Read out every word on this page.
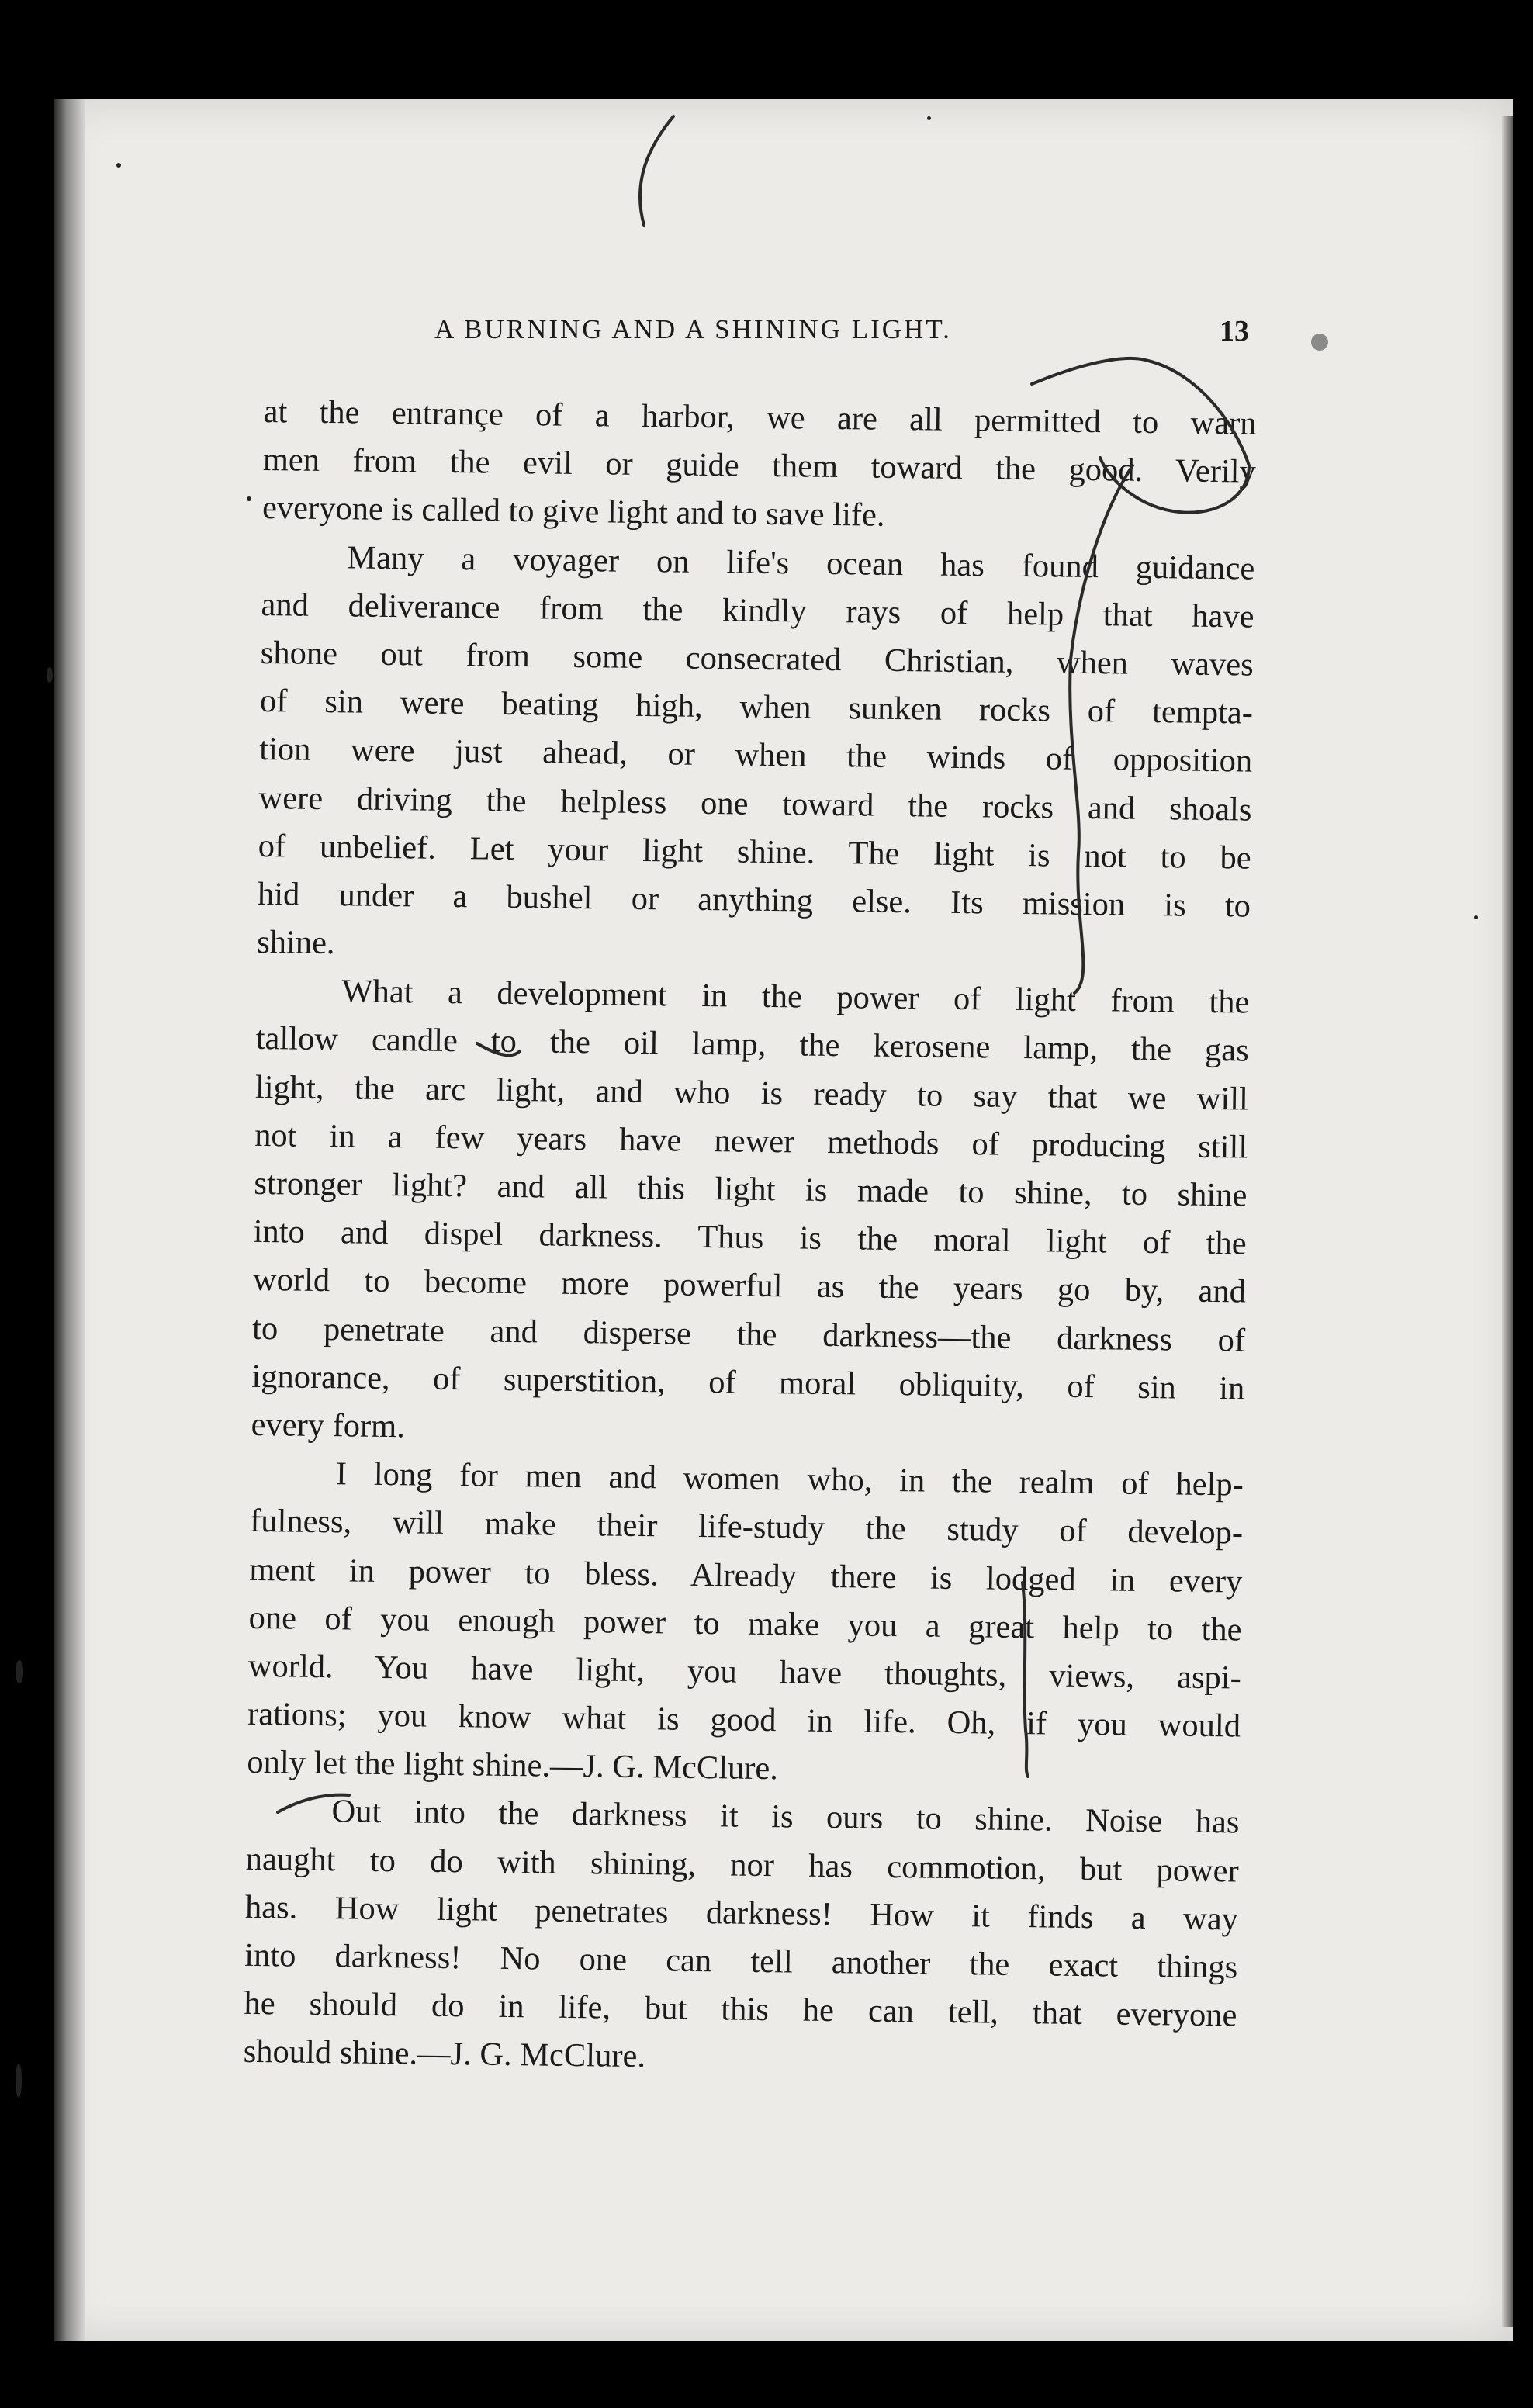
A BURNING AND A SHINING LIGHT.	13
at the entrançe of a harbor, we are all permitted to warn
men from the evil or guide them toward the good. Verily
everyone is called to give light and to save life.
Many a voyager on life's ocean has found guidance
and deliverance from the kindly rays of help that have
shone out from some consecrated Christian, when waves
of sin were beating high, when sunken rocks of tempta-
tion were just ahead, or when the winds of opposition
were driving the helpless one toward the rocks and shoals
of unbelief. Let your light shine. The light is not to be
hid under a bushel or anything else. Its mission is to
shine.
What a development in the power of light from the
tallow candle to the oil lamp, the kerosene lamp, the gas
light, the arc light, and who is ready to say that we will
not in a few years have newer methods of producing still
stronger light? and all this light is made to shine, to shine
into and dispel darkness. Thus is the moral light of the
world to become more powerful as the years go by, and
to penetrate and disperse the darkness—the darkness of
ignorance, of superstition, of moral obliquity, of sin in
every form.
I long for men and women who, in the realm of help-
fulness, will make their life-study the study of develop-
ment in power to bless. Already there is lodged in every
one of you enough power to make you a great help to the
world. You have light, you have thoughts, views, aspi-
rations; you know what is good in life. Oh, if you would
only let the light shine.—J. G. McClure.
Out into the darkness it is ours to shine. Noise has
naught to do with shining, nor has commotion, but power
has. How light penetrates darkness! How it finds a way
into darkness! No one can tell another the exact things
he should do in life, but this he can tell, that everyone
should shine.—J. G. McClure.
